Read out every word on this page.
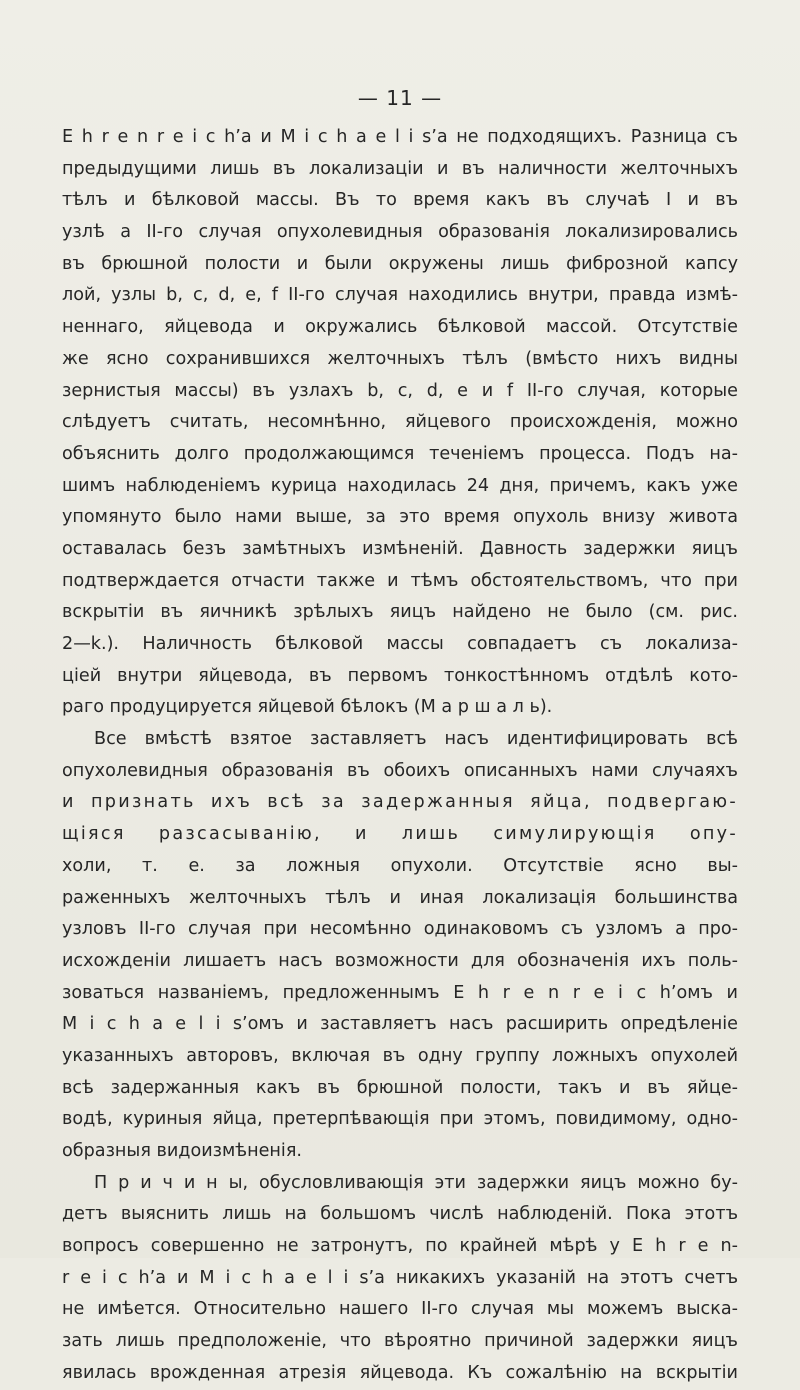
— 11 —
E h r e n r e i c h’a и M i c h a e l i s’a не подходящихъ. Разница съ
предыдущими лишь въ локализаціи и въ наличности желточныхъ
тѣлъ и бѣлковой массы. Въ то время какъ въ случаѣ I и въ
узлѣ а II-го случая опухолевидныя образованія локализировались
въ брюшной полости и были окружены лишь фиброзной капсу
лой, узлы b, c, d, e, f II-го случая находились внутри, правда измѣ-
неннаго, яйцевода и окружались бѣлковой массой. Отсутствіе
же ясно сохранившихся желточныхъ тѣлъ (вмѣсто нихъ видны
зернистыя массы) въ узлахъ b, c, d, e и f II-го случая, которые
слѣдуетъ считать, несомнѣнно, яйцевого происхожденія, можно
объяснить долго продолжающимся теченіемъ процесса. Подъ на-
шимъ наблюденіемъ курица находилась 24 дня, причемъ, какъ уже
упомянуто было нами выше, за это время опухоль внизу живота
оставалась безъ замѣтныхъ измѣненій. Давность задержки яицъ
подтверждается отчасти также и тѣмъ обстоятельствомъ, что при
вскрытіи въ яичникѣ зрѣлыхъ яицъ найдено не было (см. рис.
2—k.). Наличность бѣлковой массы совпадаетъ съ локализа-
ціей внутри яйцевода, въ первомъ тонкостѣнномъ отдѣлѣ кото-
раго продуцируется яйцевой бѣлокъ (М а р ш а л ь).
Все вмѣстѣ взятое заставляетъ насъ идентифицировать всѣ
опухолевидныя образованія въ обоихъ описанныхъ нами случаяхъ
и признать ихъ всѣ за задержанныя яйца, подвергаю-
щіяся разсасыванію, и лишь симулирующія опу-
холи, т. е. за ложныя опухоли. Отсутствіе ясно вы-
раженныхъ желточныхъ тѣлъ и иная локализація большинства
узловъ II-го случая при несомѣнно одинаковомъ съ узломъ а про-
исхожденіи лишаетъ насъ возможности для обозначенія ихъ поль-
зоваться названіемъ, предложеннымъ E h r e n r e i c h’омъ и
M i c h a e l i s’омъ и заставляетъ насъ расширить опредѣленіе
указанныхъ авторовъ, включая въ одну группу ложныхъ опухолей
всѣ задержанныя какъ въ брюшной полости, такъ и въ яйце-
водѣ, куриныя яйца, претерпѣвающія при этомъ, повидимому, одно-
образныя видоизмѣненія.
П р и ч и н ы, обусловливающія эти задержки яицъ можно бу-
детъ выяснить лишь на большомъ числѣ наблюденій. Пока этотъ
вопросъ совершенно не затронутъ, по крайней мѣрѣ у E h r e n-
r e i c h’a и M i c h a e l i s’a никакихъ указаній на этотъ счетъ
не имѣется. Относительно нашего II-го случая мы можемъ выска-
зать лишь предположеніе, что вѣроятно причиной задержки яицъ
явилась врожденная атрезія яйцевода. Къ сожалѣнію на вскрытіи
